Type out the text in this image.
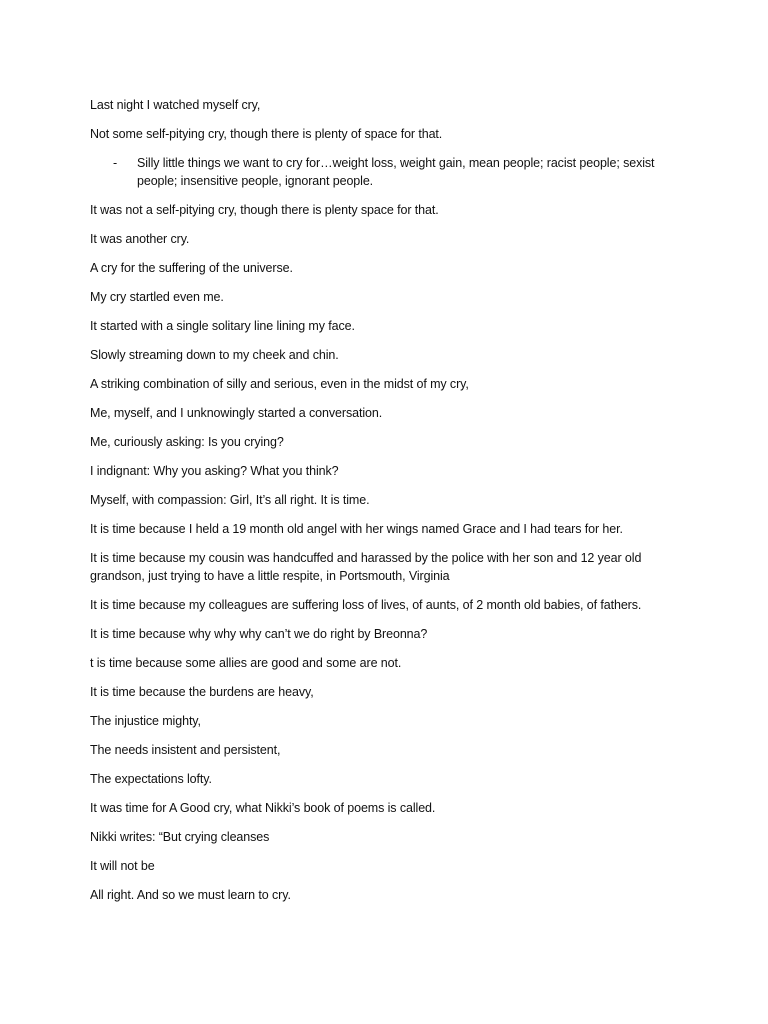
Last night I watched myself cry,

Not some self-pitying cry, though there is plenty of space for that.

- Silly little things we want to cry for…weight loss, weight gain, mean people; racist people; sexist people; insensitive people, ignorant people.

It was not a self-pitying cry, though there is plenty space for that.

It was another cry.

A cry for the suffering of the universe.

My cry startled even me.

It started with a single solitary line lining my face.

Slowly streaming down to my cheek and chin.

A striking combination of silly and serious, even in the midst of my cry,

Me, myself, and I unknowingly started a conversation.

Me, curiously asking: Is you crying?

I indignant: Why you asking? What you think?

Myself, with compassion: Girl, It’s all right. It is time.

It is time because I held a 19 month old angel with her wings named Grace and I had tears for her.

It is time because my cousin was handcuffed and harassed by the police with her son and 12 year old grandson, just trying to have a little respite, in Portsmouth, Virginia

It is time because my colleagues are suffering loss of lives, of aunts, of 2 month old babies, of fathers.

It is time because why why why can’t we do right by Breonna?

t is time because some allies are good and some are not.

It is time because the burdens are heavy,

The injustice mighty,

The needs insistent and persistent,

The expectations lofty.

It was time for A Good cry, what Nikki’s book of poems is called.

Nikki writes: “But crying cleanses

It will not be

All right. And so we must learn to cry.
